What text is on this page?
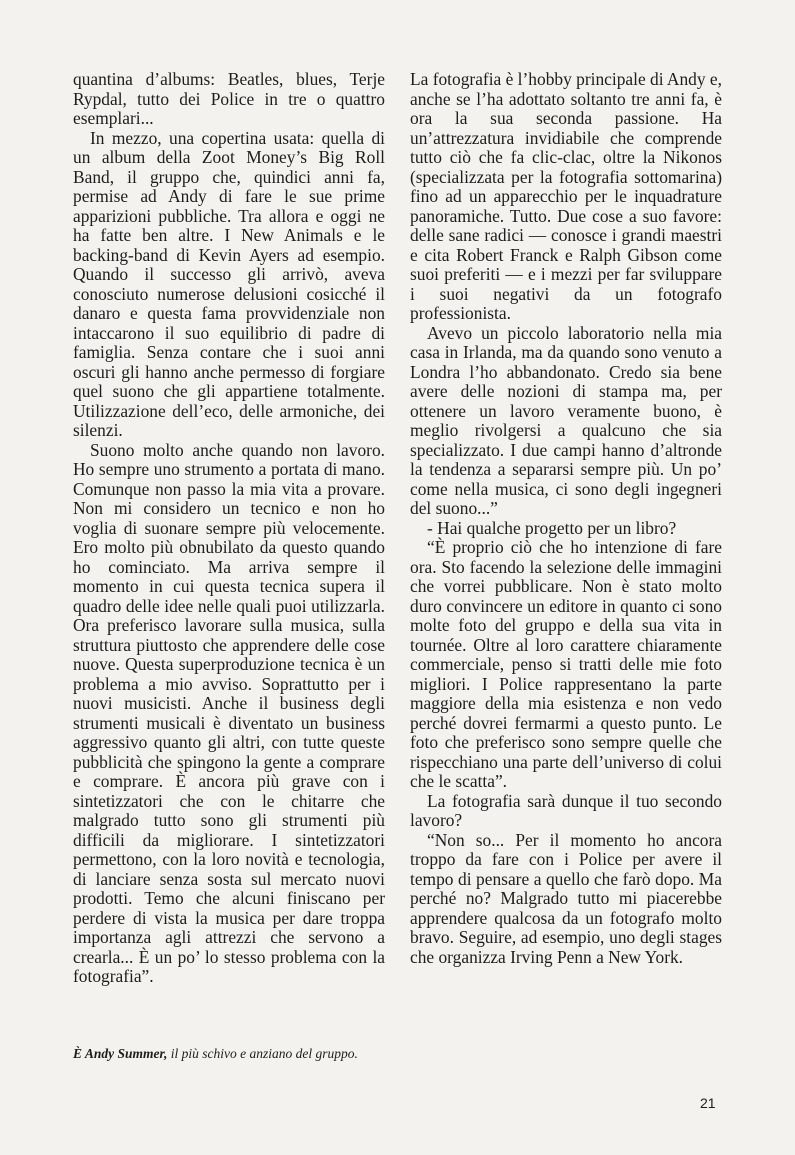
quantina d’albums: Beatles, blues, Terje Rypdal, tutto dei Police in tre o quattro esemplari...

In mezzo, una copertina usata: quella di un album della Zoot Money’s Big Roll Band, il gruppo che, quindici anni fa, permise ad Andy di fare le sue prime apparizioni pubbliche. Tra allora e oggi ne ha fatte ben altre. I New Animals e le backing-band di Kevin Ayers ad esempio. Quando il successo gli arrivò, aveva conosciuto numerose delusioni cosicché il danaro e questa fama provvidenziale non intaccarono il suo equilibrio di padre di famiglia. Senza contare che i suoi anni oscuri gli hanno anche permesso di forgiare quel suono che gli appartiene totalmente. Utilizzazione dell’eco, delle armoniche, dei silenzi.

Suono molto anche quando non lavoro. Ho sempre uno strumento a portata di mano. Comunque non passo la mia vita a provare. Non mi considero un tecnico e non ho voglia di suonare sempre più velocemente. Ero molto più obnubilato da questo quando ho cominciato. Ma arriva sempre il momento in cui questa tecnica supera il quadro delle idee nelle quali puoi utilizzarla. Ora preferisco lavorare sulla musica, sulla struttura piuttosto che apprendere delle cose nuove. Questa superproduzione tecnica è un problema a mio avviso. Soprattutto per i nuovi musicisti. Anche il business degli strumenti musicali è diventato un business aggressivo quanto gli altri, con tutte queste pubblicità che spingono la gente a comprare e comprare. È ancora più grave con i sintetizzatori che con le chitarre che malgrado tutto sono gli strumenti più difficili da migliorare. I sintetizzatori permettono, con la loro novità e tecnologia, di lanciare senza sosta sul mercato nuovi prodotti. Temo che alcuni finiscano per perdere di vista la musica per dare troppa importanza agli attrezzi che servono a crearla... È un po’ lo stesso problema con la fotografia”.

La fotografia è l’hobby principale di Andy e, anche se l’ha adottato soltanto tre anni fa, è ora la sua seconda passione. Ha un’attrezzatura invidiabile che comprende tutto ciò che fa clic-clac, oltre la Nikonos (specializzata per la fotografia sottomarina) fino ad un apparecchio per le inquadrature panoramiche. Tutto. Due cose a suo favore: delle sane radici — conosce i grandi maestri e cita Robert Franck e Ralph Gibson come suoi preferiti — e i mezzi per far sviluppare i suoi negativi da un fotografo professionista.

Avevo un piccolo laboratorio nella mia casa in Irlanda, ma da quando sono venuto a Londra l’ho abbandonato. Credo sia bene avere delle nozioni di stampa ma, per ottenere un lavoro veramente buono, è meglio rivolgersi a qualcuno che sia specializzato. I due campi hanno d’altronde la tendenza a separarsi sempre più. Un po’ come nella musica, ci sono degli ingegneri del suono...”

- Hai qualche progetto per un libro?

“È proprio ciò che ho intenzione di fare ora. Sto facendo la selezione delle immagini che vorrei pubblicare. Non è stato molto duro convincere un editore in quanto ci sono molte foto del gruppo e della sua vita in tournée. Oltre al loro carattere chiaramente commerciale, penso si tratti delle mie foto migliori. I Police rappresentano la parte maggiore della mia esistenza e non vedo perché dovrei fermarmi a questo punto. Le foto che preferisco sono sempre quelle che rispecchiano una parte dell’universo di colui che le scatta”.

La fotografia sarà dunque il tuo secondo lavoro?

“Non so... Per il momento ho ancora troppo da fare con i Police per avere il tempo di pensare a quello che farò dopo. Ma perché no? Malgrado tutto mi piacerebbe apprendere qualcosa da un fotografo molto bravo. Seguire, ad esempio, uno degli stages che organizza Irving Penn a New York.

È Andy Summer, il più schivo e anziano del gruppo.
21
